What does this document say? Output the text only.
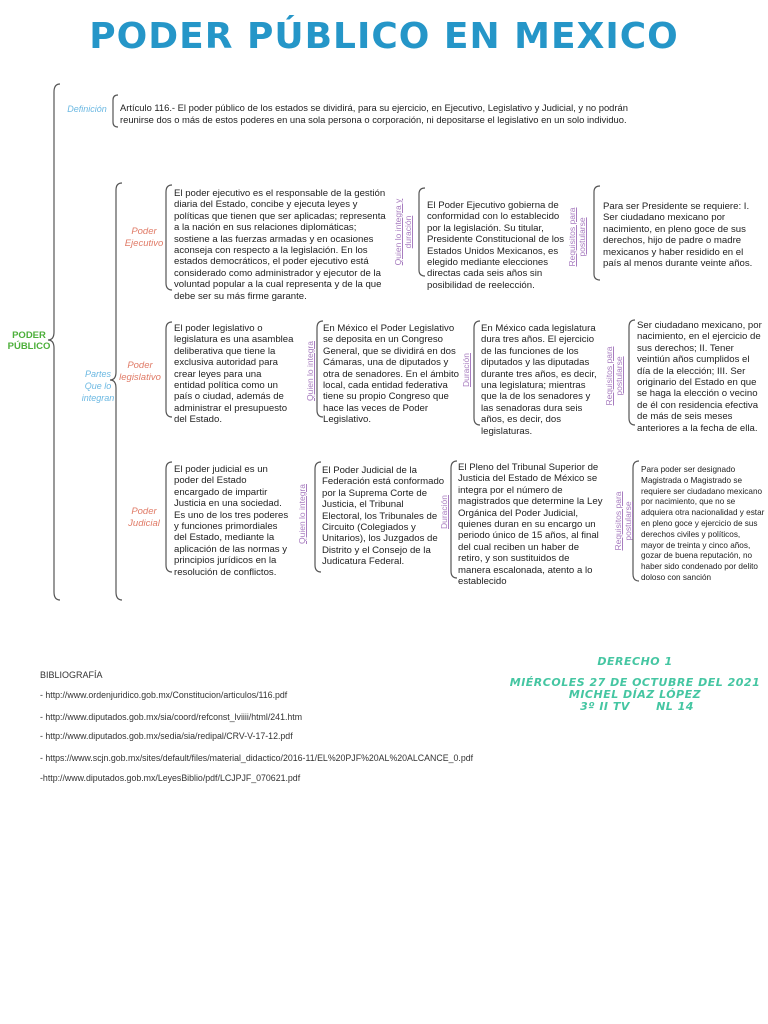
PODER PÚBLICO EN MEXICO
PODER PÚBLICO
Definición	Artículo 116.- El poder público de los estados se dividirá, para su ejercicio, en Ejecutivo, Legislativo y Judicial, y no podrán reunirse dos o más de estos poderes en una sola persona o corporación, ni depositarse el legislativo en un solo individuo.
Partes Que lo integran
Poder Ejecutivo
El poder ejecutivo es el responsable de la gestión diaria del Estado, concibe y ejecuta leyes y políticas que tienen que ser aplicadas; representa a la nación en sus relaciones diplomáticas; sostiene a las fuerzas armadas y en ocasiones aconseja con respecto a la legislación. En los estados democráticos, el poder ejecutivo está considerado como administrador y ejecutor de la voluntad popular a la cual representa y de la que debe ser su más firme garante.
Quien lo integra y duración
El Poder Ejecutivo gobierna de conformidad con lo establecido por la legislación. Su titular, Presidente Constitucional de los Estados Unidos Mexicanos, es elegido mediante elecciones directas cada seis años sin posibilidad de reelección.
Requisitos para postularse
Para ser Presidente se requiere: I. Ser ciudadano mexicano por nacimiento, en pleno goce de sus derechos, hijo de padre o madre mexicanos y haber residido en el país al menos durante veinte años.
Poder legislativo
El poder legislativo o legislatura es una asamblea deliberativa que tiene la exclusiva autoridad para crear leyes para una entidad política como un país o ciudad, además de administrar el presupuesto del Estado.
Quien lo integra
En México el Poder Legislativo se deposita en un Congreso General, que se dividirá en dos Cámaras, una de diputados y otra de senadores. En el ámbito local, cada entidad federativa tiene su propio Congreso que hace las veces de Poder Legislativo.
Duración
En México cada legislatura dura tres años. El ejercicio de las funciones de los diputados y las diputadas durante tres años, es decir, una legislatura; mientras que la de los senadores y las senadoras dura seis años, es decir, dos legislaturas.
Requisitos para postularse
Ser ciudadano mexicano, por nacimiento, en el ejercicio de sus derechos; II. Tener veintiún años cumplidos el día de la elección; III. Ser originario del Estado en que se haga la elección o vecino de él con residencia efectiva de más de seis meses anteriores a la fecha de ella.
Poder Judicial
El poder judicial es un poder del Estado encargado de impartir Justicia en una sociedad. Es uno de los tres poderes y funciones primordiales del Estado, mediante la aplicación de las normas y principios jurídicos en la resolución de conflictos.
Quien lo integra
El Poder Judicial de la Federación está conformado por la Suprema Corte de Justicia, el Tribunal Electoral, los Tribunales de Circuito (Colegiados y Unitarios), los Juzgados de Distrito y el Consejo de la Judicatura Federal.
Duración
El Pleno del Tribunal Superior de Justicia del Estado de México se integra por el número de magistrados que determine la Ley Orgánica del Poder Judicial, quienes duran en su encargo un periodo único de 15 años, al final del cual reciben un haber de retiro, y son sustituidos de manera escalonada, atento a lo establecido
Requisitos para postularse
Para poder ser designado Magistrada o Magistrado se requiere ser ciudadano mexicano por nacimiento, que no se adquiera otra nacionalidad y estar en pleno goce y ejercicio de sus derechos civiles y políticos, mayor de treinta y cinco años, gozar de buena reputación, no haber sido condenado por delito doloso con sanción
BIBLIOGRAFÍA
- http://www.ordenjuridico.gob.mx/Constitucion/articulos/116.pdf
- http://www.diputados.gob.mx/sia/coord/refconst_lviiii/html/241.htm
- http://www.diputados.gob.mx/sedia/sia/redipal/CRV-V-17-12.pdf
- https://www.scjn.gob.mx/sites/default/files/material_didactico/2016-11/EL%20PJF%20AL%20ALCANCE_0.pdf
-http://www.diputados.gob.mx/LeyesBiblio/pdf/LCJPJF_070621.pdf
DERECHO 1
MIÉRCOLES 27 DE OCTUBRE DEL 2021
MICHEL DÍAZ LÓPEZ
3º II TV	NL 14
